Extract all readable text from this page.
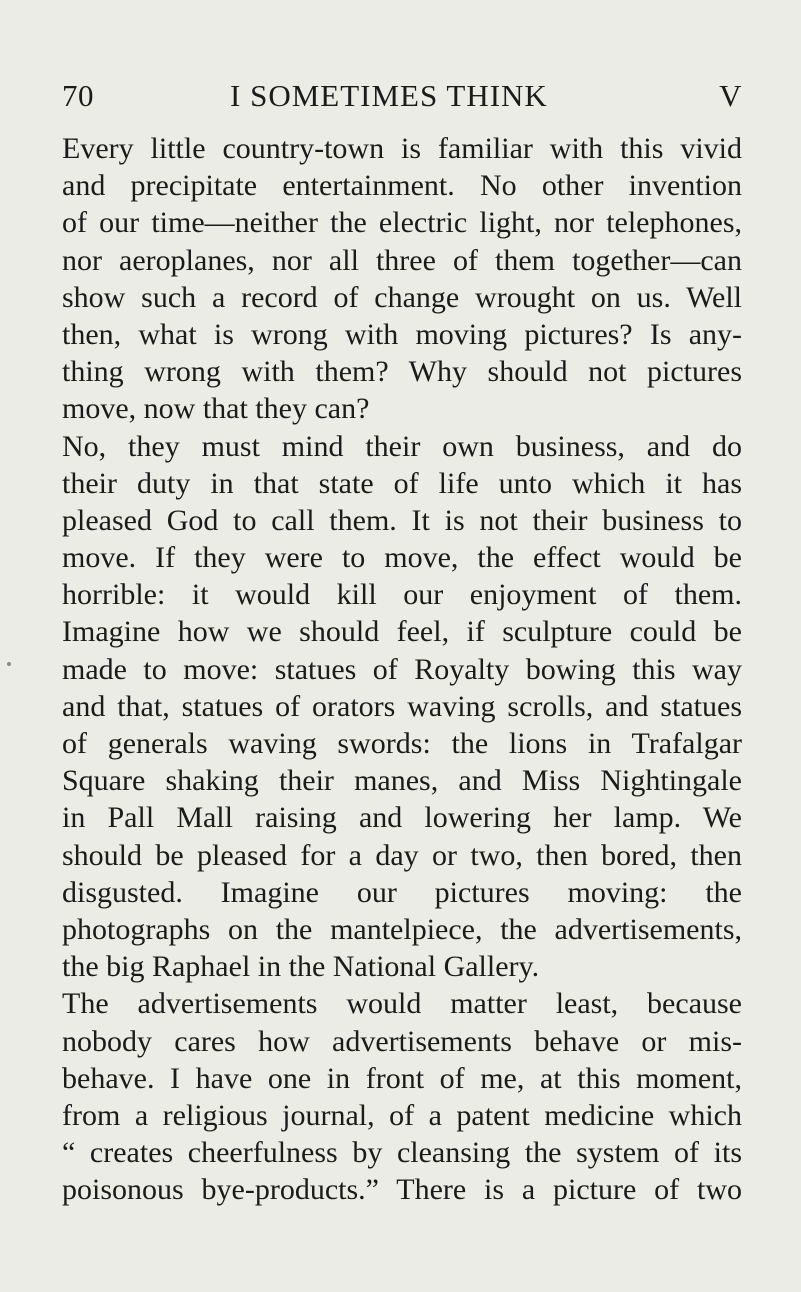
70	I SOMETIMES THINK	V
Every little country-town is familiar with this vivid
and precipitate entertainment. No other invention
of our time—neither the electric light, nor telephones,
nor aeroplanes, nor all three of them together—can
show such a record of change wrought on us. Well
then, what is wrong with moving pictures? Is any-
thing wrong with them? Why should not pictures
move, now that they can?
No, they must mind their own business, and do
their duty in that state of life unto which it has
pleased God to call them. It is not their business to
move. If they were to move, the effect would be
horrible: it would kill our enjoyment of them.
Imagine how we should feel, if sculpture could be
made to move: statues of Royalty bowing this way
and that, statues of orators waving scrolls, and statues
of generals waving swords: the lions in Trafalgar
Square shaking their manes, and Miss Nightingale
in Pall Mall raising and lowering her lamp. We
should be pleased for a day or two, then bored, then
disgusted. Imagine our pictures moving: the
photographs on the mantelpiece, the advertisements,
the big Raphael in the National Gallery.
The advertisements would matter least, because
nobody cares how advertisements behave or mis-
behave. I have one in front of me, at this moment,
from a religious journal, of a patent medicine which
“ creates cheerfulness by cleansing the system of its
poisonous bye-products.” There is a picture of two
